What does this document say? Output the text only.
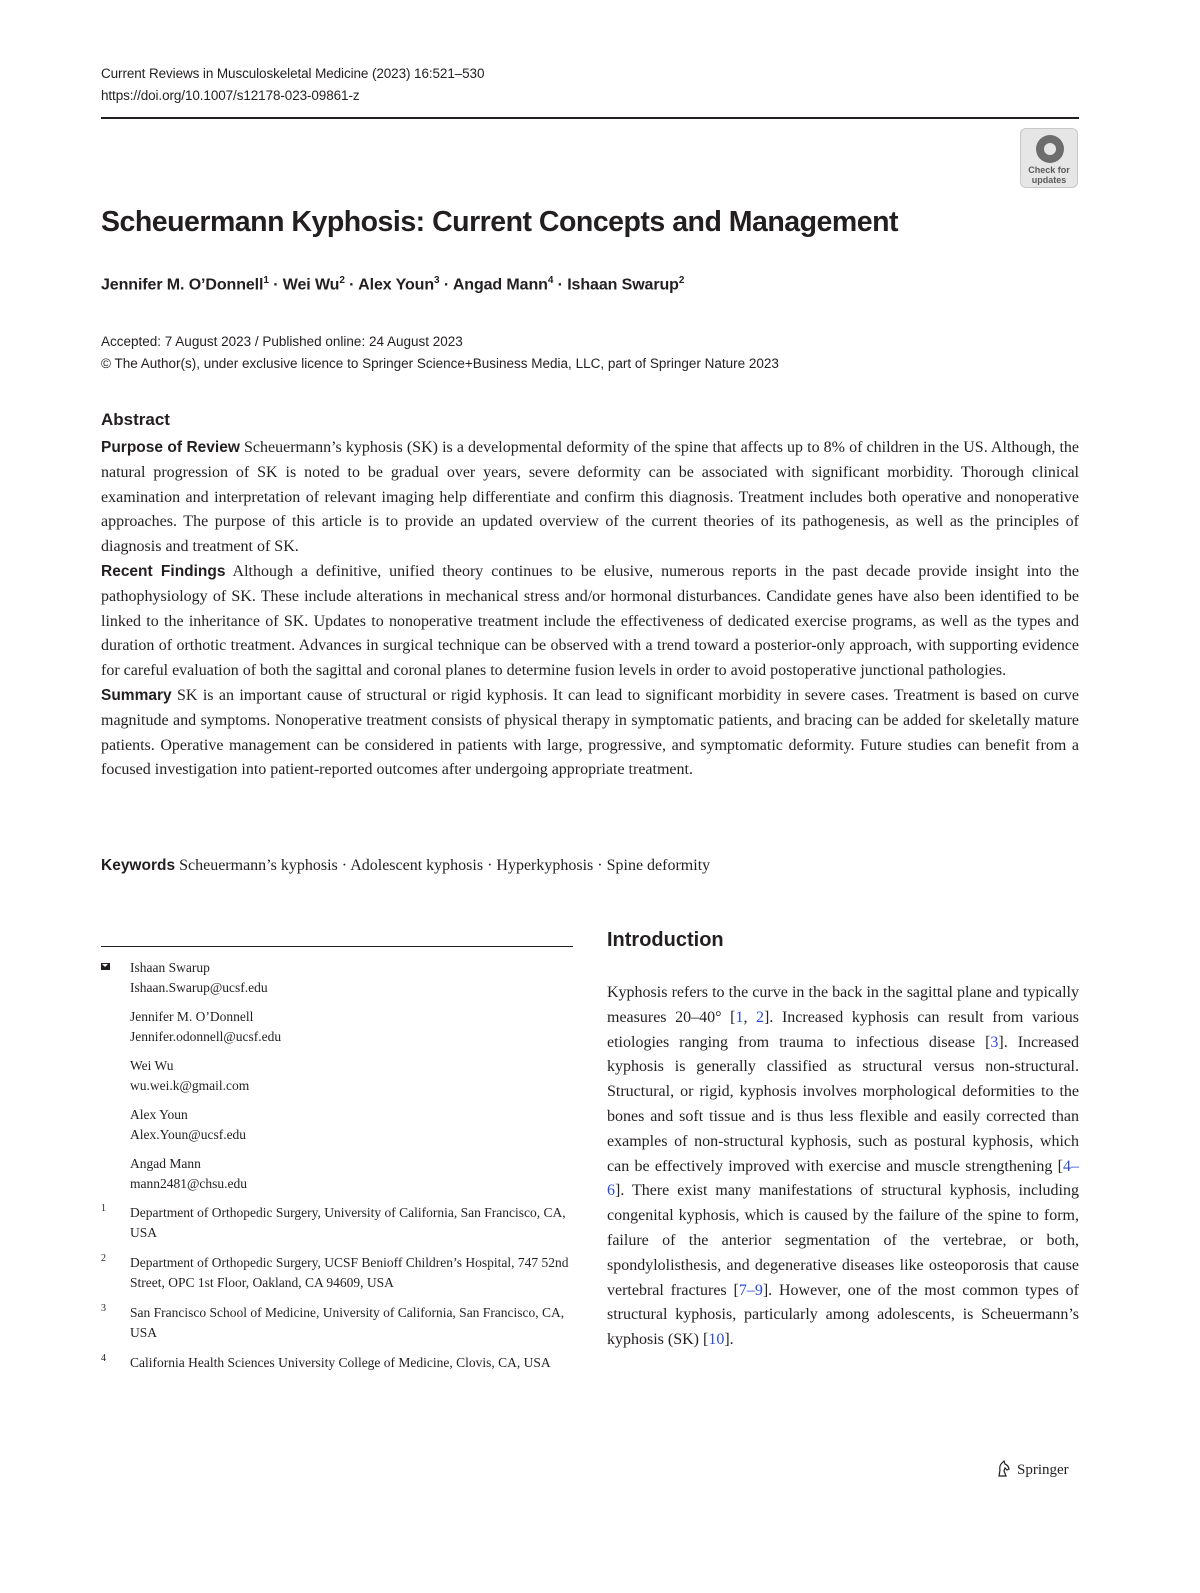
Current Reviews in Musculoskeletal Medicine (2023) 16:521–530
https://doi.org/10.1007/s12178-023-09861-z
Check for updates
Scheuermann Kyphosis: Current Concepts and Management
Jennifer M. O’Donnell$^1$ · Wei $Wu^2$ · Alex Youn$^3$ · Angad Mann$^4$ · Ishaan Swarup$^2$
Accepted: 7 August 2023 / Published online: 24 August 2023
© The Author(s), under exclusive licence to Springer Science+Business Media, LLC, part of Springer Nature 2023
Abstract

Purpose of Review Scheuermann’s kyphosis (SK) is a developmental deformity of the spine that affects up to 8% of children in the US. Although, the natural progression of SK is noted to be gradual over years, severe deformity can be associated with significant morbidity. Thorough clinical examination and interpretation of relevant imaging help differentiate and confirm this diagnosis. Treatment includes both operative and nonoperative approaches. The purpose of this article is to provide an updated overview of the current theories of its pathogenesis, as well as the principles of diagnosis and treatment of SK.

Recent Findings Although a definitive, unified theory continues to be elusive, numerous reports in the past decade provide insight into the pathophysiology of SK. These include alterations in mechanical stress and/or hormonal disturbances. Candidate genes have also been identified to be linked to the inheritance of SK. Updates to nonoperative treatment include the effectiveness of dedicated exercise programs, as well as the types and duration of orthotic treatment. Advances in surgical technique can be observed with a trend toward a posterior-only approach, with supporting evidence for careful evaluation of both the sagittal and coronal planes to determine fusion levels in order to avoid postoperative junctional pathologies.

Summary SK is an important cause of structural or rigid kyphosis. It can lead to significant morbidity in severe cases. Treatment is based on curve magnitude and symptoms. Nonoperative treatment consists of physical therapy in symptomatic patients, and bracing can be added for skeletally mature patients. Operative management can be considered in patients with large, progressive, and symptomatic deformity. Future studies can benefit from a focused investigation into patient-reported outcomes after undergoing appropriate treatment.

Keywords Scheuermann’s kyphosis · Adolescent kyphosis · Hyperkyphosis · Spine deformity
Ishaan Swarup
Ishaan.Swarup@ucsf.edu
Jennifer M. O’Donnell
Jennifer.odonnell@ucsf.edu
Wei Wu
wu.wei.k@gmail.com
Alex Youn
Alex.Youn@ucsf.edu
Angad Mann
mann2481@chsu.edu
1 Department of Orthopedic Surgery, University of California, San Francisco, CA, USA
2 Department of Orthopedic Surgery, UCSF Benioff Children’s Hospital, 747 52nd Street, OPC 1st Floor, Oakland, CA 94609, USA
3 San Francisco School of Medicine, University of California, San Francisco, CA, USA
4 California Health Sciences University College of Medicine, Clovis, CA, USA
Introduction

Kyphosis refers to the curve in the back in the sagittal plane and typically measures 20–40° [1, 2]. Increased kyphosis can result from various etiologies ranging from trauma to infectious disease [3]. Increased kyphosis is generally classified as structural versus non-structural. Structural, or rigid, kyphosis involves morphological deformities to the bones and soft tissue and is thus less flexible and easily corrected than examples of non-structural kyphosis, such as postural kyphosis, which can be effectively improved with exercise and muscle strengthening [4–6]. There exist many manifestations of structural kyphosis, including congenital kyphosis, which is caused by the failure of the spine to form, failure of the anterior segmentation of the vertebrae, or both, spondylolisthesis, and degenerative diseases like osteoporosis that cause vertebral fractures [7–9]. However, one of the most common types of structural kyphosis, particularly among adolescents, is Scheuermann’s kyphosis (SK) [10].

Springer
